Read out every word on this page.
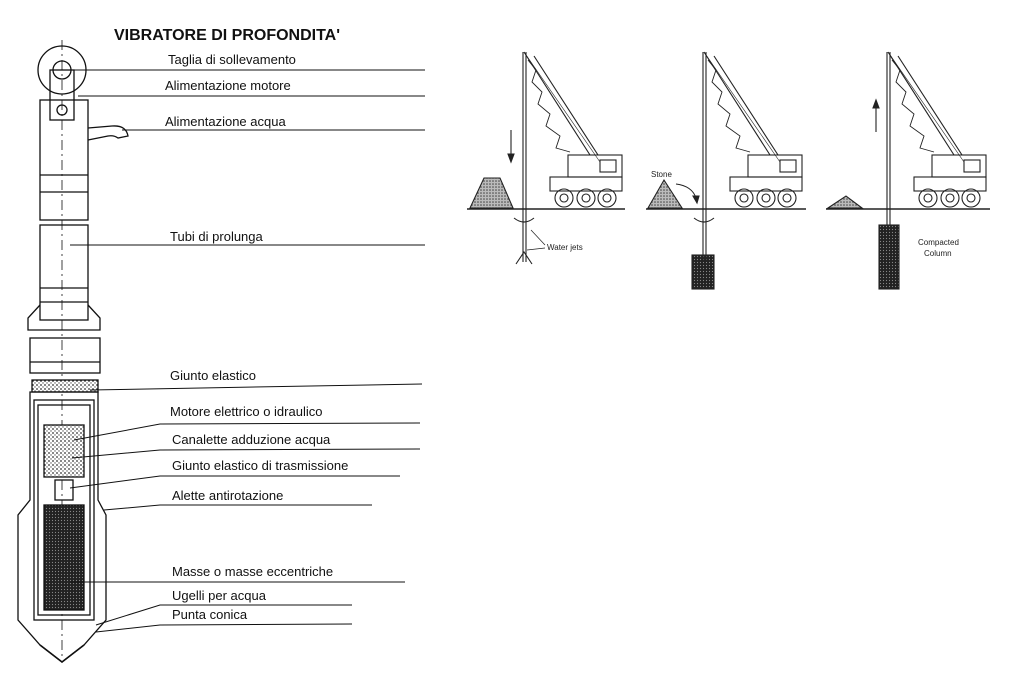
VIBRATORE DI PROFONDITA'
Taglia di sollevamento
Alimentazione motore
Alimentazione acqua
Tubi di prolunga
Giunto elastico
Motore elettrico o idraulico
Canalette adduzione acqua
Giunto elastico di trasmissione
Alette antirotazione
Masse o masse eccentriche
Ugelli per acqua
Punta conica
Water jets
Stone
Compacted
Column
